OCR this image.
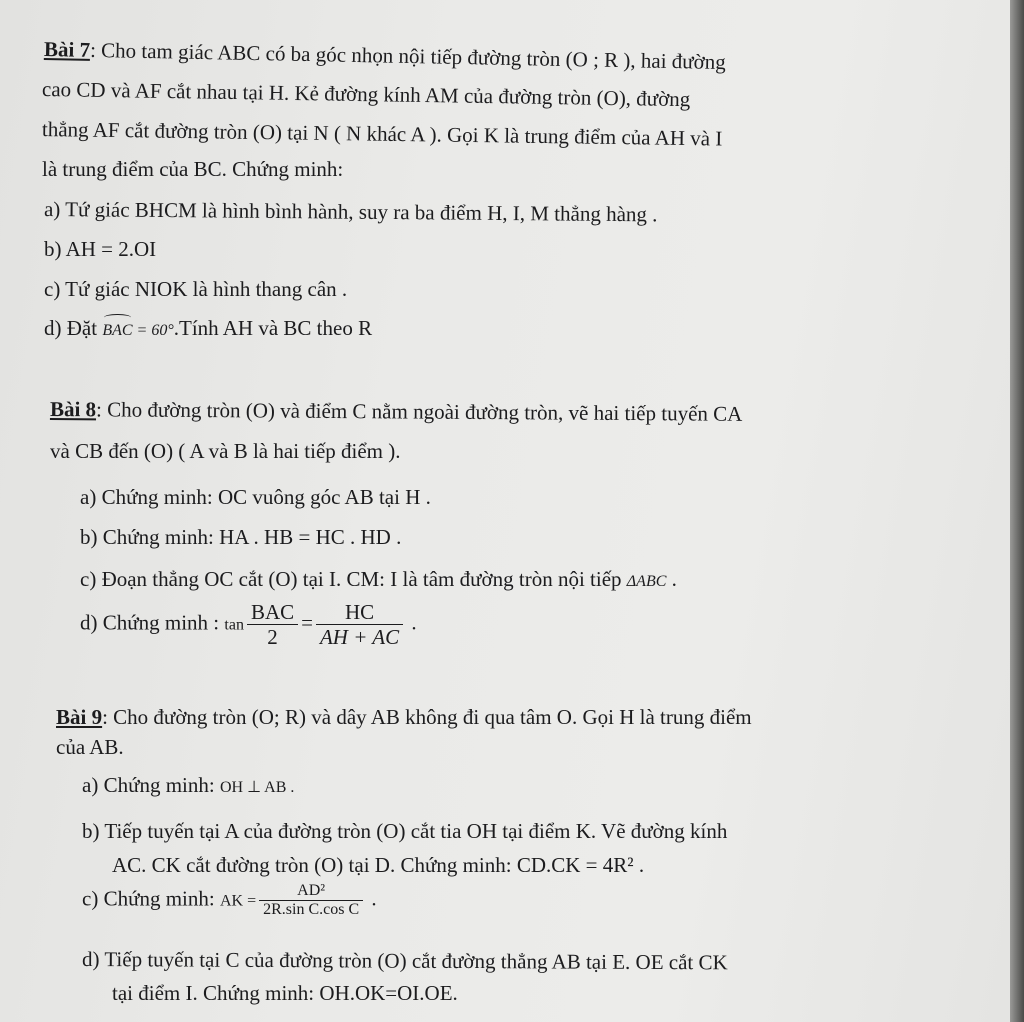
Bài 7: Cho tam giác ABC có ba góc nhọn nội tiếp đường tròn (O ; R ), hai đường
cao CD và AF cắt nhau tại H. Kẻ đường kính AM của đường tròn (O), đường
thẳng AF cắt đường tròn (O) tại N ( N khác A ). Gọi K là trung điểm của AH và I
là trung điểm của BC. Chứng minh:
a) Tứ giác BHCM là hình bình hành, suy ra ba điểm H, I, M thẳng hàng .
b) AH = 2.OI
c) Tứ giác NIOK là hình thang cân .
d) Đặt BAC = 60°.Tính AH và BC theo R
Bài 8: Cho đường tròn (O) và điểm C nằm ngoài đường tròn, vẽ hai tiếp tuyến CA
và CB đến (O) ( A và B là hai tiếp điểm ).
a) Chứng minh: OC vuông góc AB tại H .
b) Chứng minh: HA . HB = HC . HD .
c) Đoạn thẳng OC cắt (O) tại I. CM: I là tâm đường tròn nội tiếp ΔABC .
d) Chứng minh : $\tan \frac{\text{BAC}}{2} = \frac{HC}{AH + AC}$ .
Bài 9: Cho đường tròn (O; R) và dây AB không đi qua tâm O. Gọi H là trung điểm
của AB.
a) Chứng minh: OH ⊥ AB .
b) Tiếp tuyến tại A của đường tròn (O) cắt tia OH tại điểm K. Vẽ đường kính
AC. CK cắt đường tròn (O) tại D. Chứng minh: CD.CK = 4R² .
c) Chứng minh: AK = $\frac{\text{AD²}}{\text{2R.sin C.cos C}}$ .
d) Tiếp tuyến tại C của đường tròn (O) cắt đường thẳng AB tại E. OE cắt CK
tại điểm I. Chứng minh: OH.OK=OI.OE.
